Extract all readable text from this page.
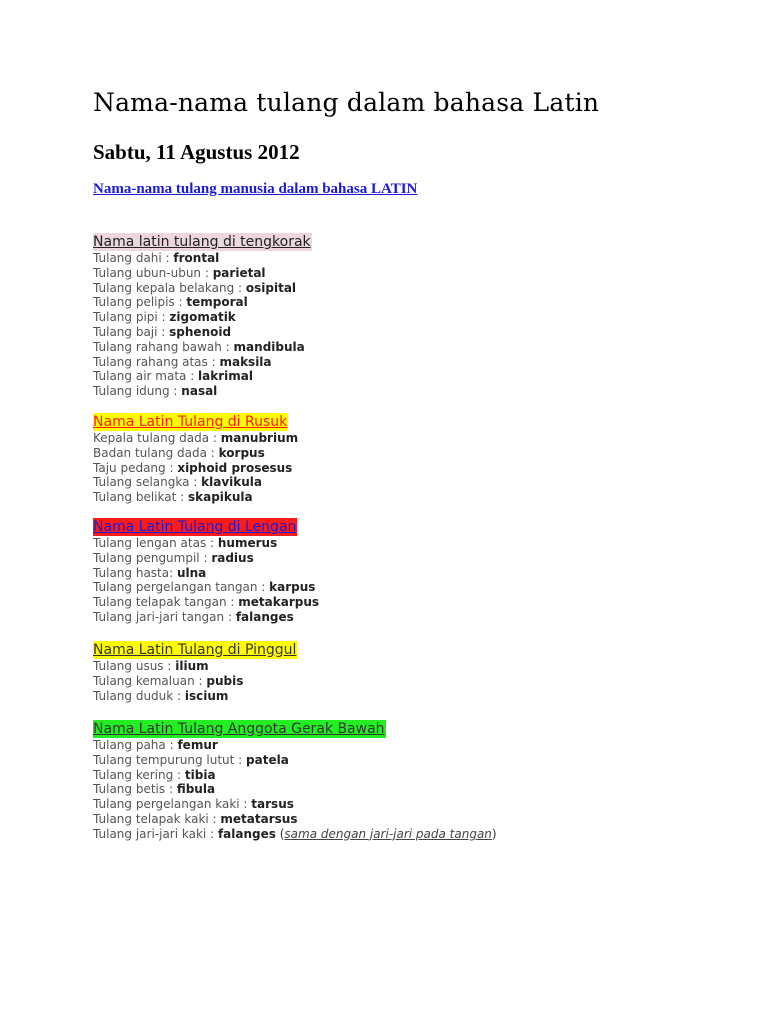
Nama-nama tulang dalam bahasa Latin
Sabtu, 11 Agustus 2012
Nama-nama tulang manusia dalam bahasa LATIN
Nama latin tulang di tengkorak
Tulang dahi : frontal
Tulang ubun-ubun : parietal
Tulang kepala belakang : osipital
Tulang pelipis : temporal
Tulang pipi : zigomatik
Tulang baji : sphenoid
Tulang rahang bawah : mandibula
Tulang rahang atas : maksila
Tulang air mata : lakrimal
Tulang idung : nasal
Nama Latin Tulang di Rusuk
Kepala tulang dada : manubrium
Badan tulang dada : korpus
Taju pedang : xiphoid prosesus
Tulang selangka : klavikula
Tulang belikat : skapikula
Nama Latin Tulang di Lengan
Tulang lengan atas : humerus
Tulang pengumpil : radius
Tulang hasta: ulna
Tulang pergelangan tangan : karpus
Tulang telapak tangan : metakarpus
Tulang jari-jari tangan : falanges
Nama Latin Tulang di Pinggul
Tulang usus : ilium
Tulang kemaluan : pubis
Tulang duduk : iscium
Nama Latin Tulang Anggota Gerak Bawah
Tulang paha : femur
Tulang tempurung lutut : patela
Tulang kering : tibia
Tulang betis : fibula
Tulang pergelangan kaki : tarsus
Tulang telapak kaki : metatarsus
Tulang jari-jari kaki : falanges (sama dengan jari-jari pada tangan)
